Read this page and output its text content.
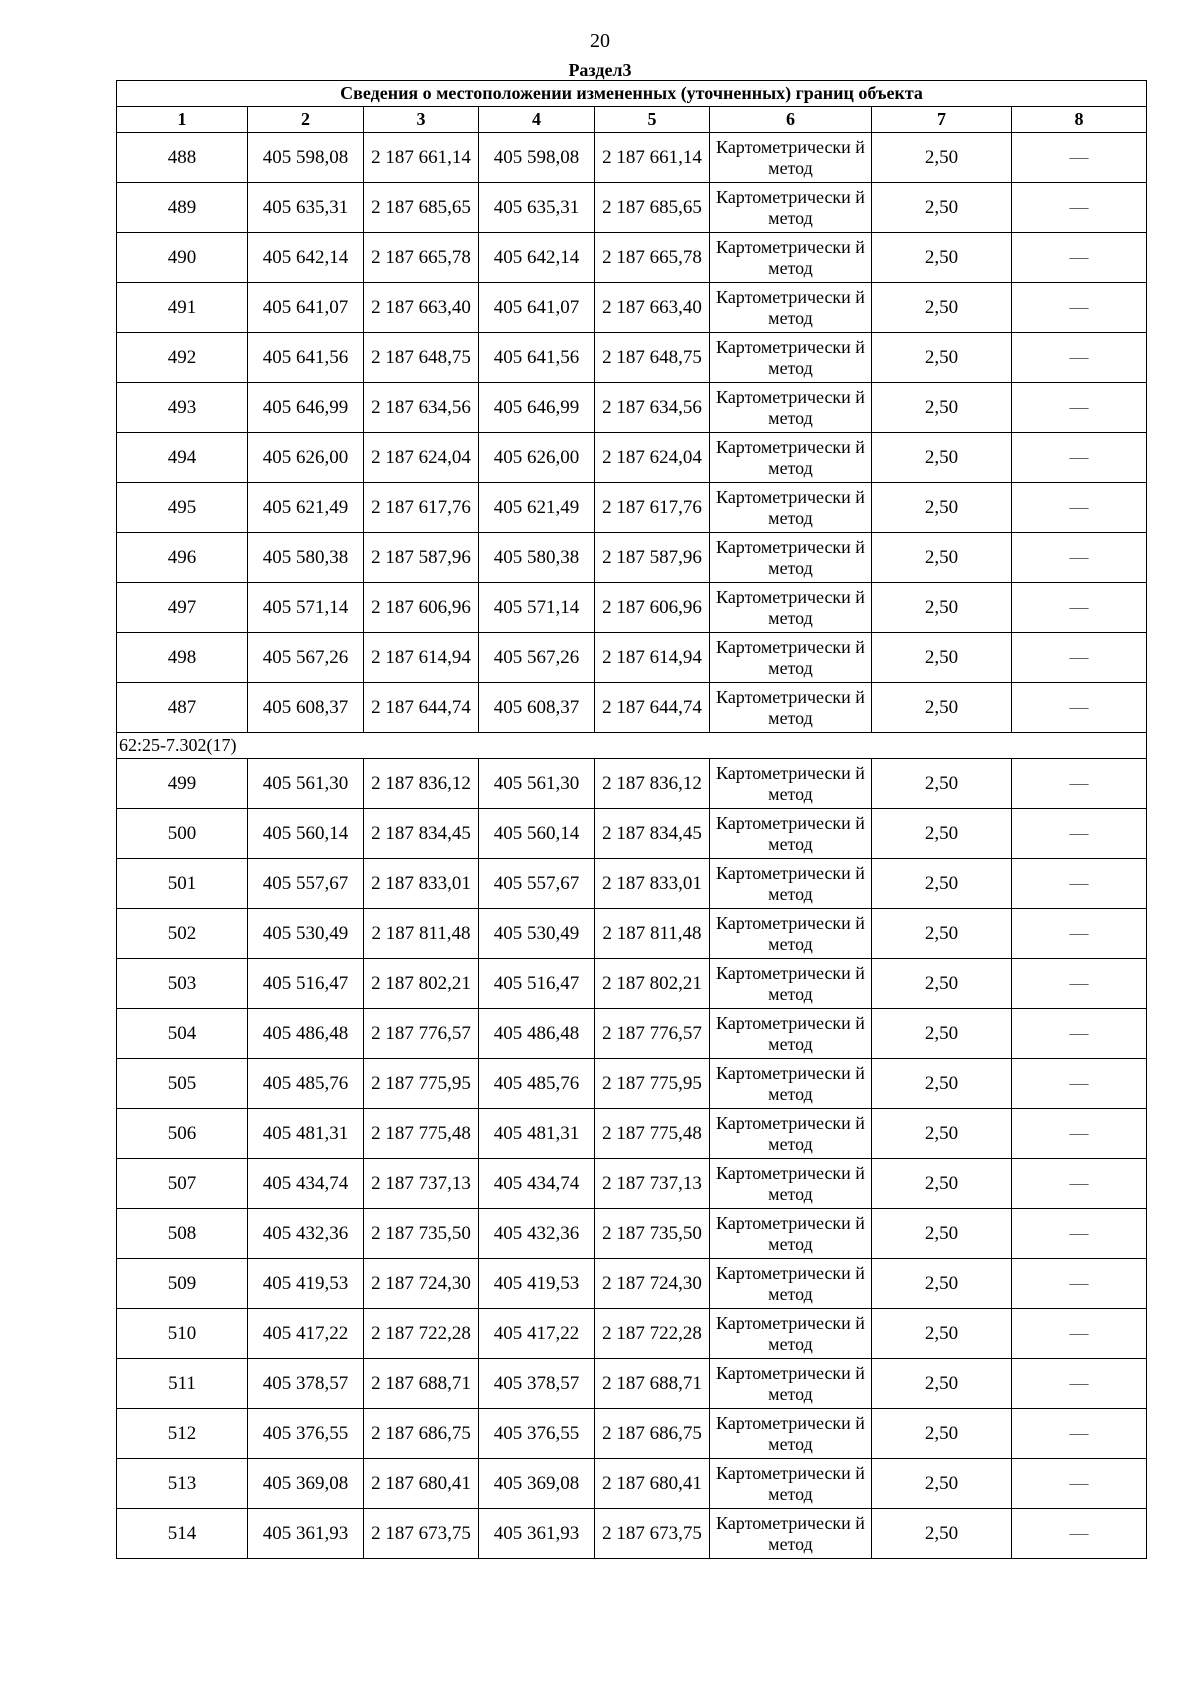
20
Раздел3
Сведения о местоположении измененных (уточненных) границ объекта							
1	2	3	4	5	6	7	8
488	405 598,08	2 187 661,14	405 598,08	2 187 661,14	Картометрически й метод	2,50	—
489	405 635,31	2 187 685,65	405 635,31	2 187 685,65	Картометрически й метод	2,50	—
490	405 642,14	2 187 665,78	405 642,14	2 187 665,78	Картометрически й метод	2,50	—
491	405 641,07	2 187 663,40	405 641,07	2 187 663,40	Картометрически й метод	2,50	—
492	405 641,56	2 187 648,75	405 641,56	2 187 648,75	Картометрически й метод	2,50	—
493	405 646,99	2 187 634,56	405 646,99	2 187 634,56	Картометрически й метод	2,50	—
494	405 626,00	2 187 624,04	405 626,00	2 187 624,04	Картометрически й метод	2,50	—
495	405 621,49	2 187 617,76	405 621,49	2 187 617,76	Картометрически й метод	2,50	—
496	405 580,38	2 187 587,96	405 580,38	2 187 587,96	Картометрически й метод	2,50	—
497	405 571,14	2 187 606,96	405 571,14	2 187 606,96	Картометрически й метод	2,50	—
498	405 567,26	2 187 614,94	405 567,26	2 187 614,94	Картометрически й метод	2,50	—
487	405 608,37	2 187 644,74	405 608,37	2 187 644,74	Картометрически й метод	2,50	—
62:25-7.302(17)							
499	405 561,30	2 187 836,12	405 561,30	2 187 836,12	Картометрически й метод	2,50	—
500	405 560,14	2 187 834,45	405 560,14	2 187 834,45	Картометрически й метод	2,50	—
501	405 557,67	2 187 833,01	405 557,67	2 187 833,01	Картометрически й метод	2,50	—
502	405 530,49	2 187 811,48	405 530,49	2 187 811,48	Картометрически й метод	2,50	—
503	405 516,47	2 187 802,21	405 516,47	2 187 802,21	Картометрически й метод	2,50	—
504	405 486,48	2 187 776,57	405 486,48	2 187 776,57	Картометрически й метод	2,50	—
505	405 485,76	2 187 775,95	405 485,76	2 187 775,95	Картометрически й метод	2,50	—
506	405 481,31	2 187 775,48	405 481,31	2 187 775,48	Картометрически й метод	2,50	—
507	405 434,74	2 187 737,13	405 434,74	2 187 737,13	Картометрически й метод	2,50	—
508	405 432,36	2 187 735,50	405 432,36	2 187 735,50	Картометрически й метод	2,50	—
509	405 419,53	2 187 724,30	405 419,53	2 187 724,30	Картометрически й метод	2,50	—
510	405 417,22	2 187 722,28	405 417,22	2 187 722,28	Картометрически й метод	2,50	—
511	405 378,57	2 187 688,71	405 378,57	2 187 688,71	Картометрически й метод	2,50	—
512	405 376,55	2 187 686,75	405 376,55	2 187 686,75	Картометрически й метод	2,50	—
513	405 369,08	2 187 680,41	405 369,08	2 187 680,41	Картометрически й метод	2,50	—
514	405 361,93	2 187 673,75	405 361,93	2 187 673,75	Картометрически й метод	2,50	—
